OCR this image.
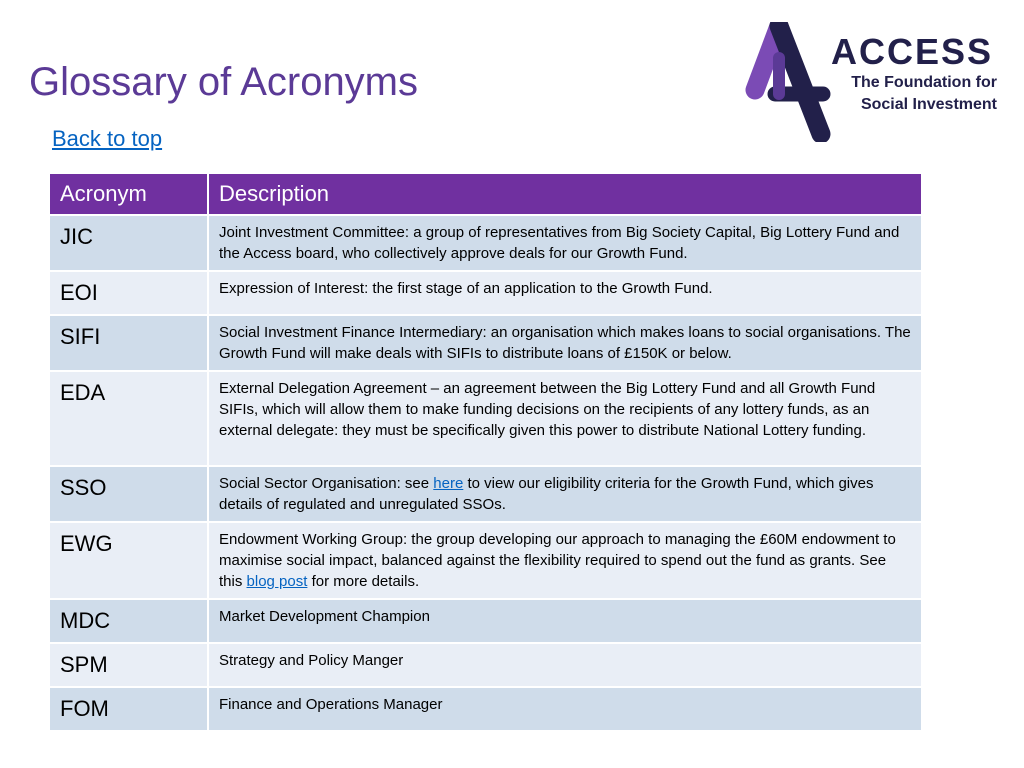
Glossary of Acronyms
Back to top
ACCESS
The Foundation for
Social Investment
Acronym	Description
JIC	Joint Investment Committee: a group of representatives from Big Society Capital, Big Lottery Fund and the Access board, who collectively approve deals for our Growth Fund.
EOI	Expression of Interest: the first stage of an application to the Growth Fund.
SIFI	Social Investment Finance Intermediary: an organisation which makes loans to social organisations. The Growth Fund will make deals with SIFIs to distribute loans of £150K or below.
EDA	External Delegation Agreement – an agreement between the Big Lottery Fund and all Growth Fund SIFIs, which will allow them to make funding decisions on the recipients of any lottery funds, as an external delegate: they must be specifically given this power to distribute National Lottery funding.
SSO	Social Sector Organisation: see here to view our eligibility criteria for the Growth Fund, which gives details of regulated and unregulated SSOs.
EWG	Endowment Working Group: the group developing our approach to managing the £60M endowment to maximise social impact, balanced against the flexibility required to spend out the fund as grants. See this blog post for more details.
MDC	Market Development Champion
SPM	Strategy and Policy Manger
FOM	Finance and Operations Manager
